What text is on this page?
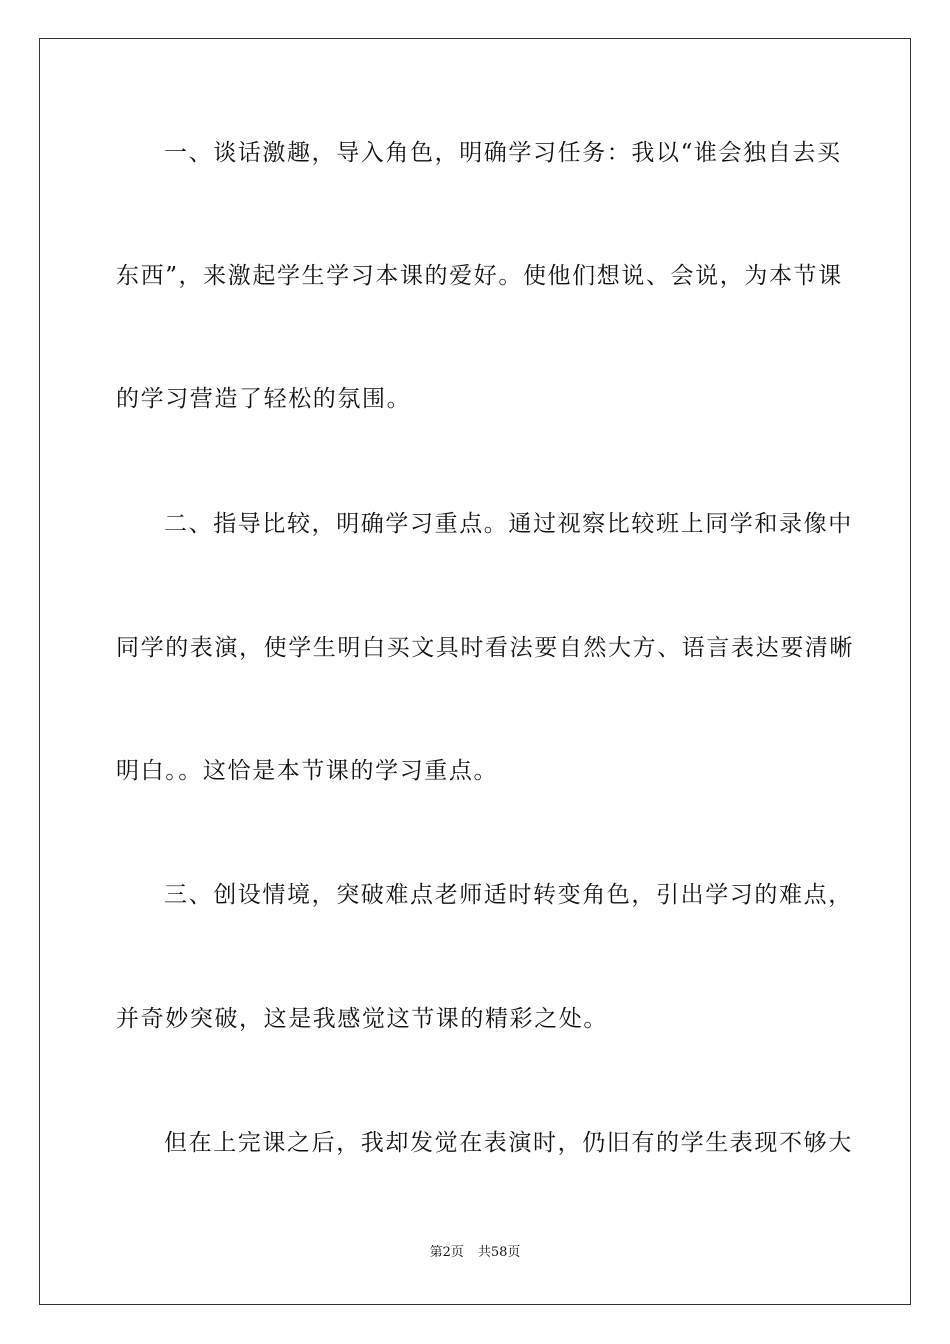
一、谈话激趣，导入角色，明确学习任务：我以“谁会独自去买
东西”，来激起学生学习本课的爱好。使他们想说、会说，为本节课
的学习营造了轻松的氛围。
二、指导比较，明确学习重点。通过视察比较班上同学和录像中
同学的表演，使学生明白买文具时看法要自然大方、语言表达要清晰
明白。。这恰是本节课的学习重点。
三、创设情境，突破难点老师适时转变角色，引出学习的难点，
并奇妙突破，这是我感觉这节课的精彩之处。
但在上完课之后，我却发觉在表演时，仍旧有的学生表现不够大
第2页 共58页
